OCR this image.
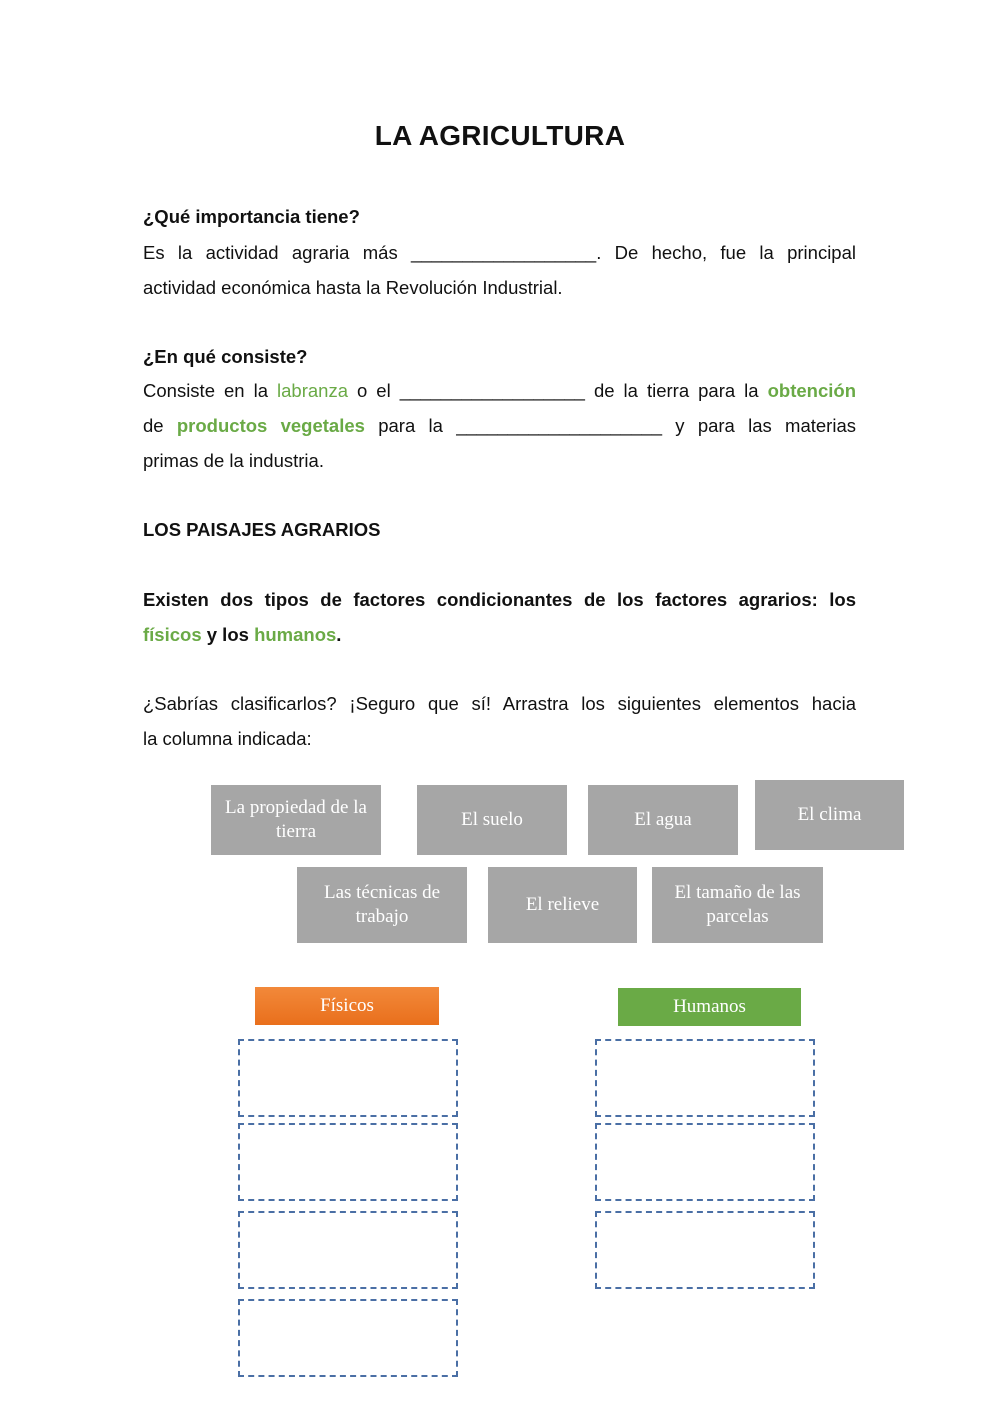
LA AGRICULTURA
¿Qué importancia tiene?
Es la actividad agraria más __________________. De hecho, fue la principal
actividad económica hasta la Revolución Industrial.
¿En qué consiste?
Consiste en la labranza o el __________________ de la tierra para la obtención
de productos vegetales para la ____________________ y para las materias
primas de la industria.
LOS PAISAJES AGRARIOS
Existen dos tipos de factores condicionantes de los factores agrarios: los
físicos y los humanos.
¿Sabrías clasificarlos? ¡Seguro que sí! Arrastra los siguientes elementos hacia
la columna indicada:
La propiedad de la tierra
El suelo	El agua	El clima
Las técnicas de trabajo
El relieve
El tamaño de las parcelas
Físicos	Humanos
